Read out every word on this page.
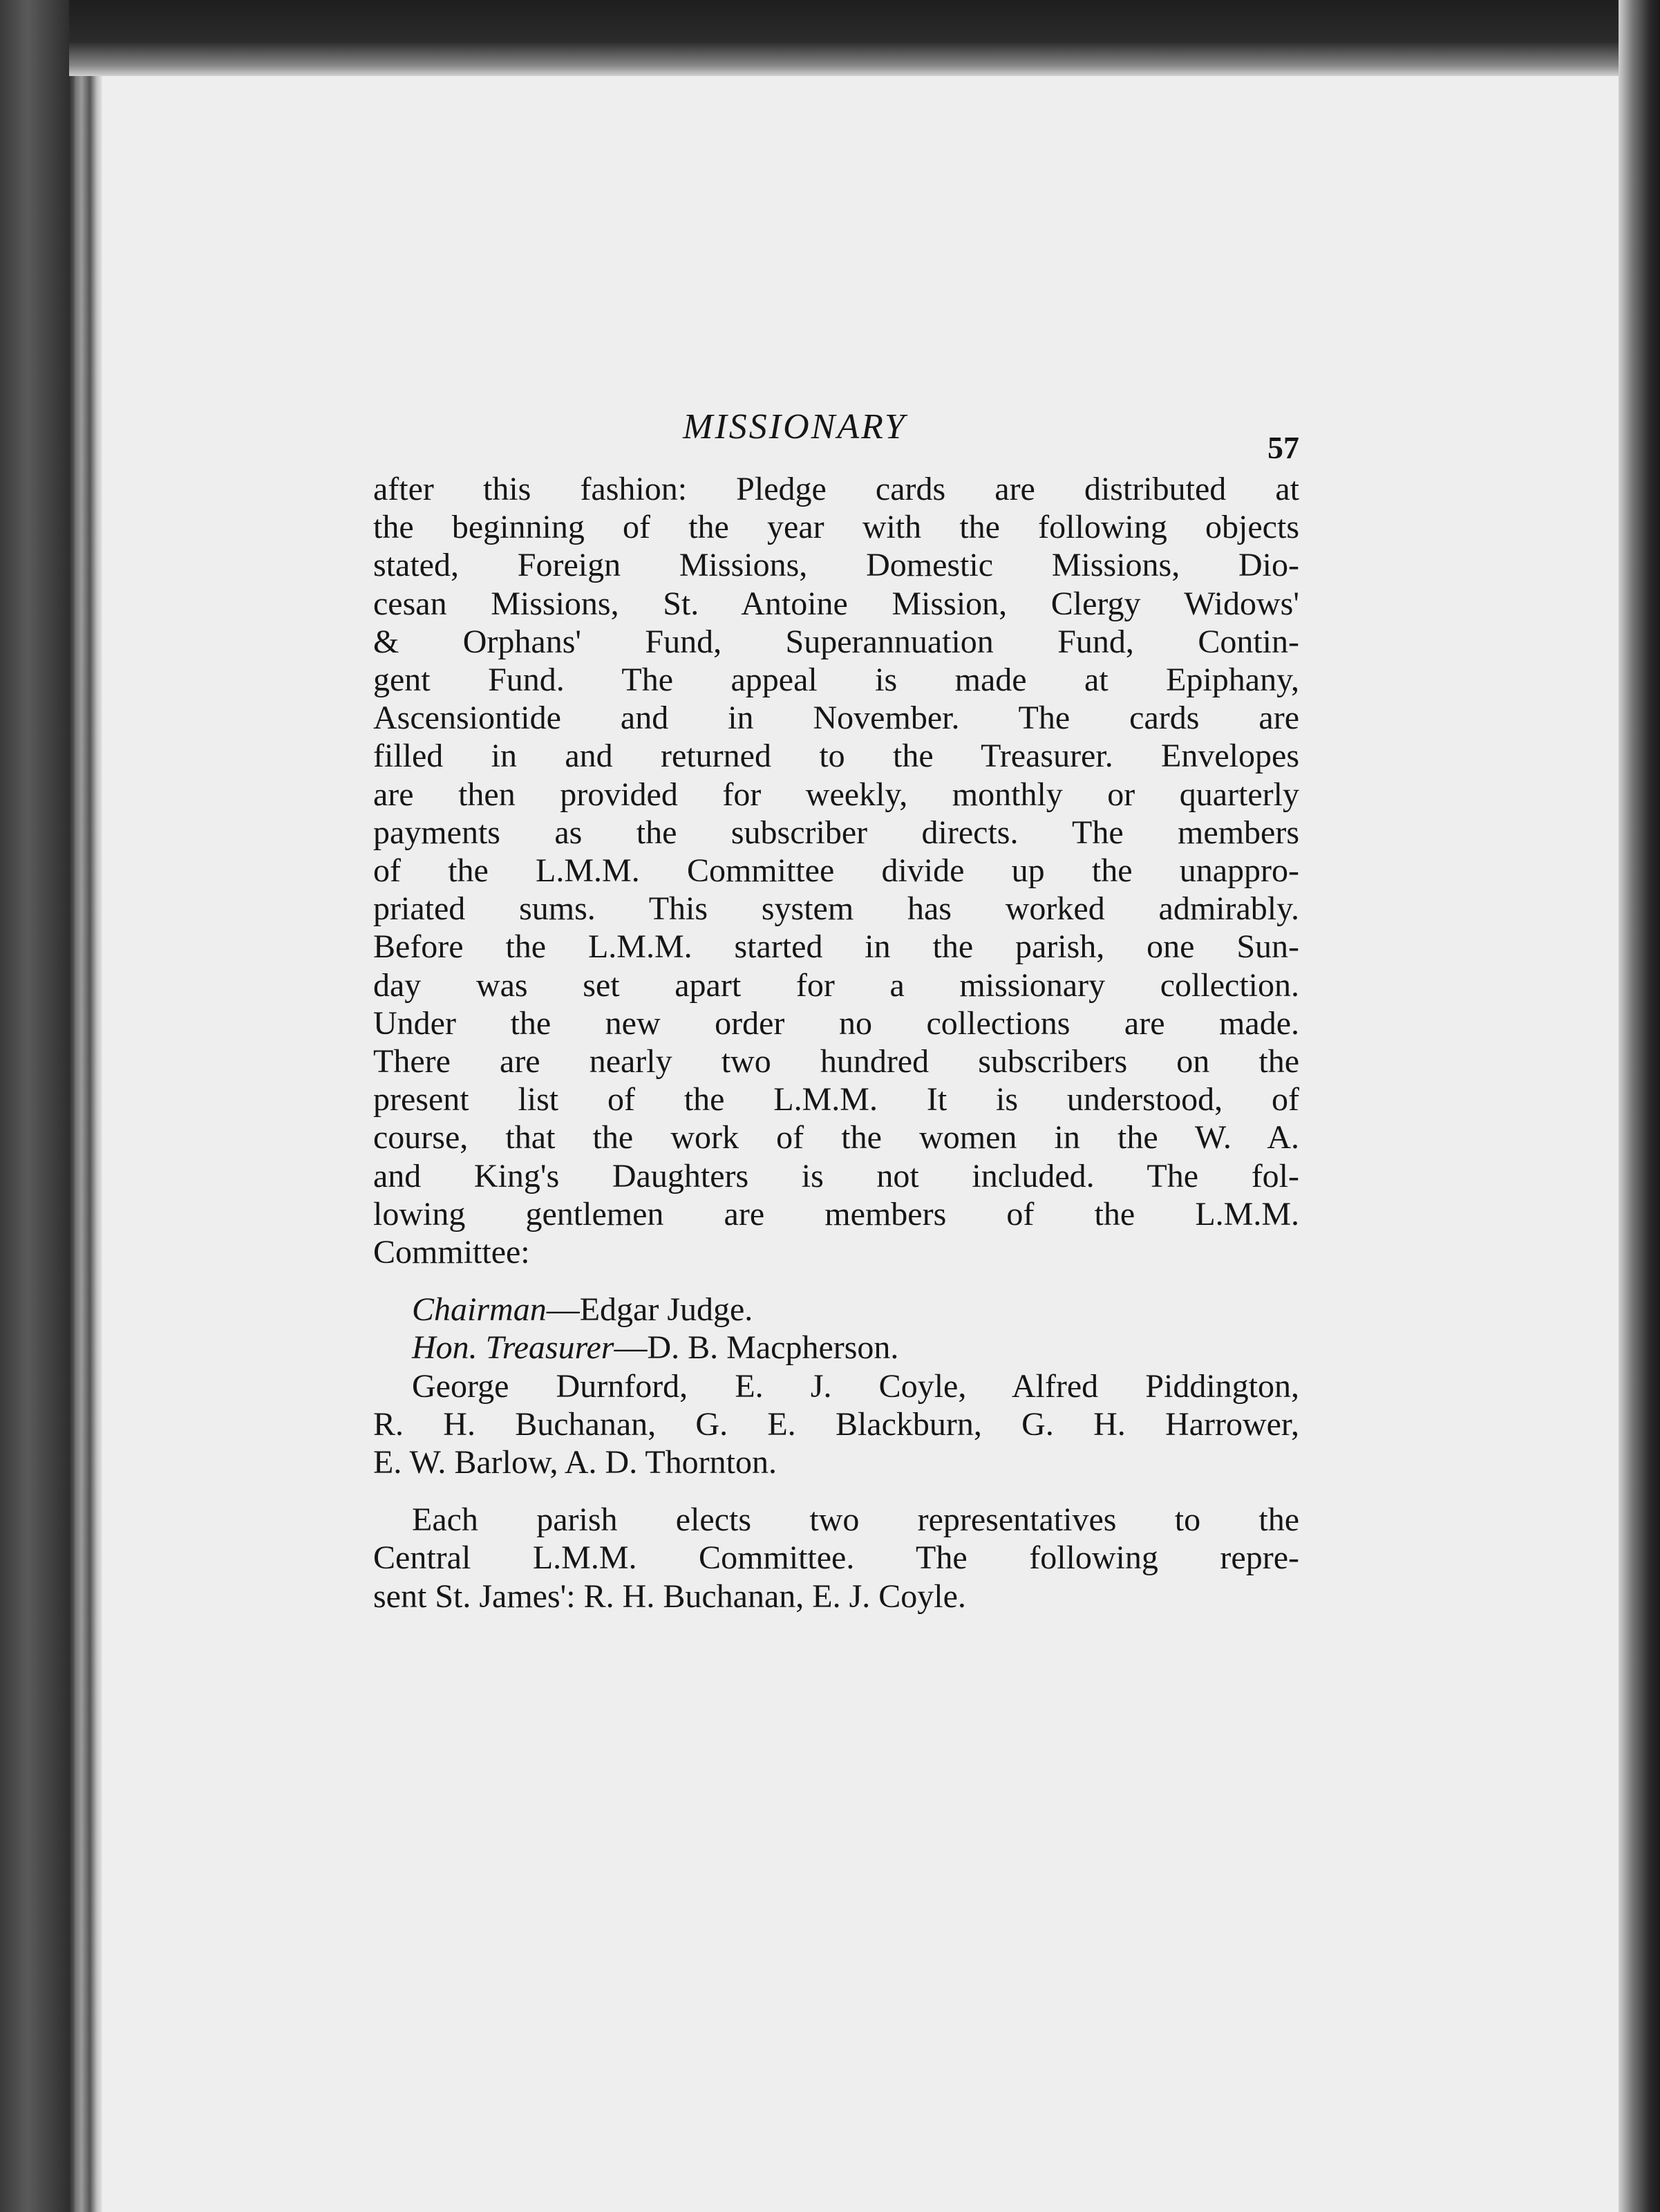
MISSIONARY
57

after this fashion: Pledge cards are distributed at
the beginning of the year with the following objects
stated, Foreign Missions, Domestic Missions, Dio-
cesan Missions, St. Antoine Mission, Clergy Widows'
& Orphans' Fund, Superannuation Fund, Contin-
gent Fund. The appeal is made at Epiphany,
Ascensiontide and in November. The cards are
filled in and returned to the Treasurer. Envelopes
are then provided for weekly, monthly or quarterly
payments as the subscriber directs. The members
of the L.M.M. Committee divide up the unappro-
priated sums. This system has worked admirably.
Before the L.M.M. started in the parish, one Sun-
day was set apart for a missionary collection.
Under the new order no collections are made.
There are nearly two hundred subscribers on the
present list of the L.M.M. It is understood, of
course, that the work of the women in the W. A.
and King's Daughters is not included. The fol-
lowing gentlemen are members of the L.M.M.
Committee:

Chairman—Edgar Judge.
Hon. Treasurer—D. B. Macpherson.

George Durnford, E. J. Coyle, Alfred Piddington,
R. H. Buchanan, G. E. Blackburn, G. H. Harrower,
E. W. Barlow, A. D. Thornton.

Each parish elects two representatives to the
Central L.M.M. Committee. The following repre-
sent St. James': R. H. Buchanan, E. J. Coyle.
